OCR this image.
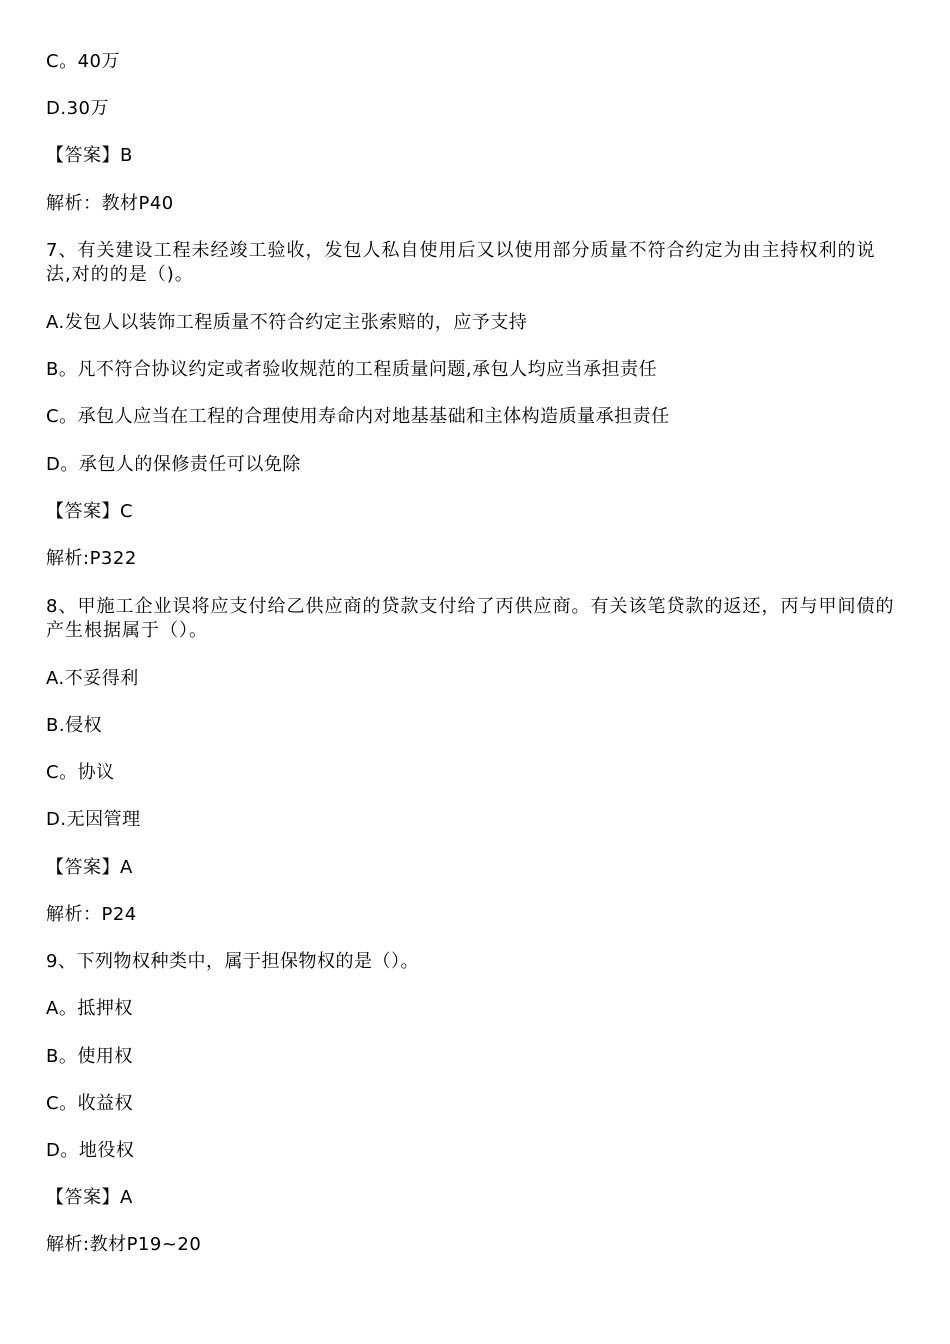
C。40万
D.30万
【答案】B
解析：教材P40
7、有关建设工程未经竣工验收，发包人私自使用后又以使用部分质量不符合约定为由主持权利的说法,对的的是（)。
A.发包人以装饰工程质量不符合约定主张索赔的，应予支持
B。凡不符合协议约定或者验收规范的工程质量问题,承包人均应当承担责任
C。承包人应当在工程的合理使用寿命内对地基基础和主体构造质量承担责任
D。承包人的保修责任可以免除
【答案】C
解析:P322
8、甲施工企业误将应支付给乙供应商的贷款支付给了丙供应商。有关该笔贷款的返还，丙与甲间债的产生根据属于（）。
A.不妥得利
B.侵权
C。协议
D.无因管理
【答案】A
解析：P24
9、下列物权种类中，属于担保物权的是（）。
A。抵押权
B。使用权
C。收益权
D。地役权
【答案】A
解析:教材P19~20
